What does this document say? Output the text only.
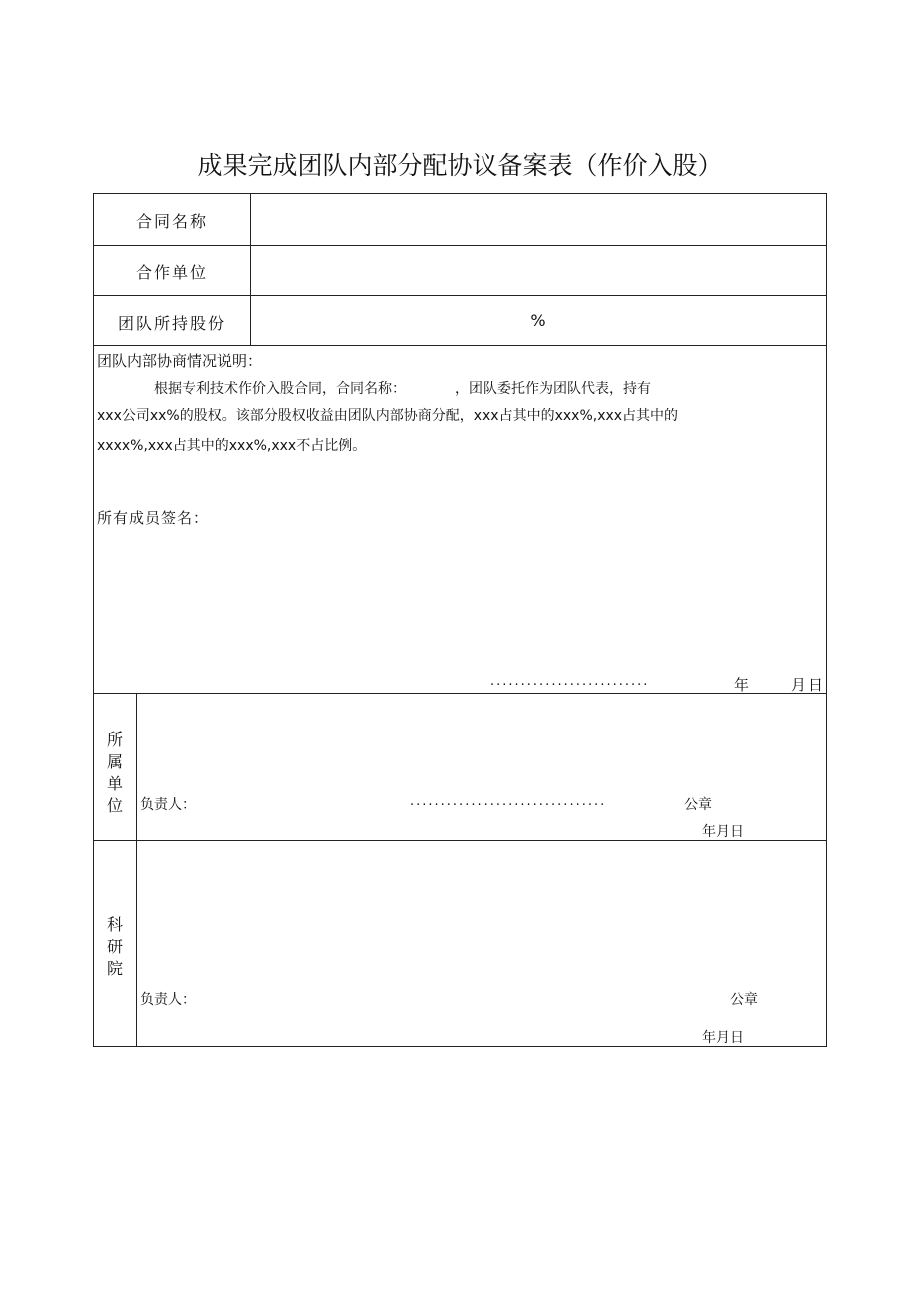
成果完成团队内部分配协议备案表（作价入股）
合同名称
合作单位
团队所持股份	%
团队内部协商情况说明：
根据专利技术作价入股合同，合同名称：　　　　，团队委托作为团队代表，持有
xxx公司xx%的股权。该部分股权收益由团队内部协商分配，xxx占其中的xxx%,xxx占其中的
xxxx%,xxx占其中的xxx%,xxx不占比例。
所有成员签名：
..........................	年	月日
所属单位 负责人：	................................	公章
年月日
科研院
负责人：	公章
年月日
